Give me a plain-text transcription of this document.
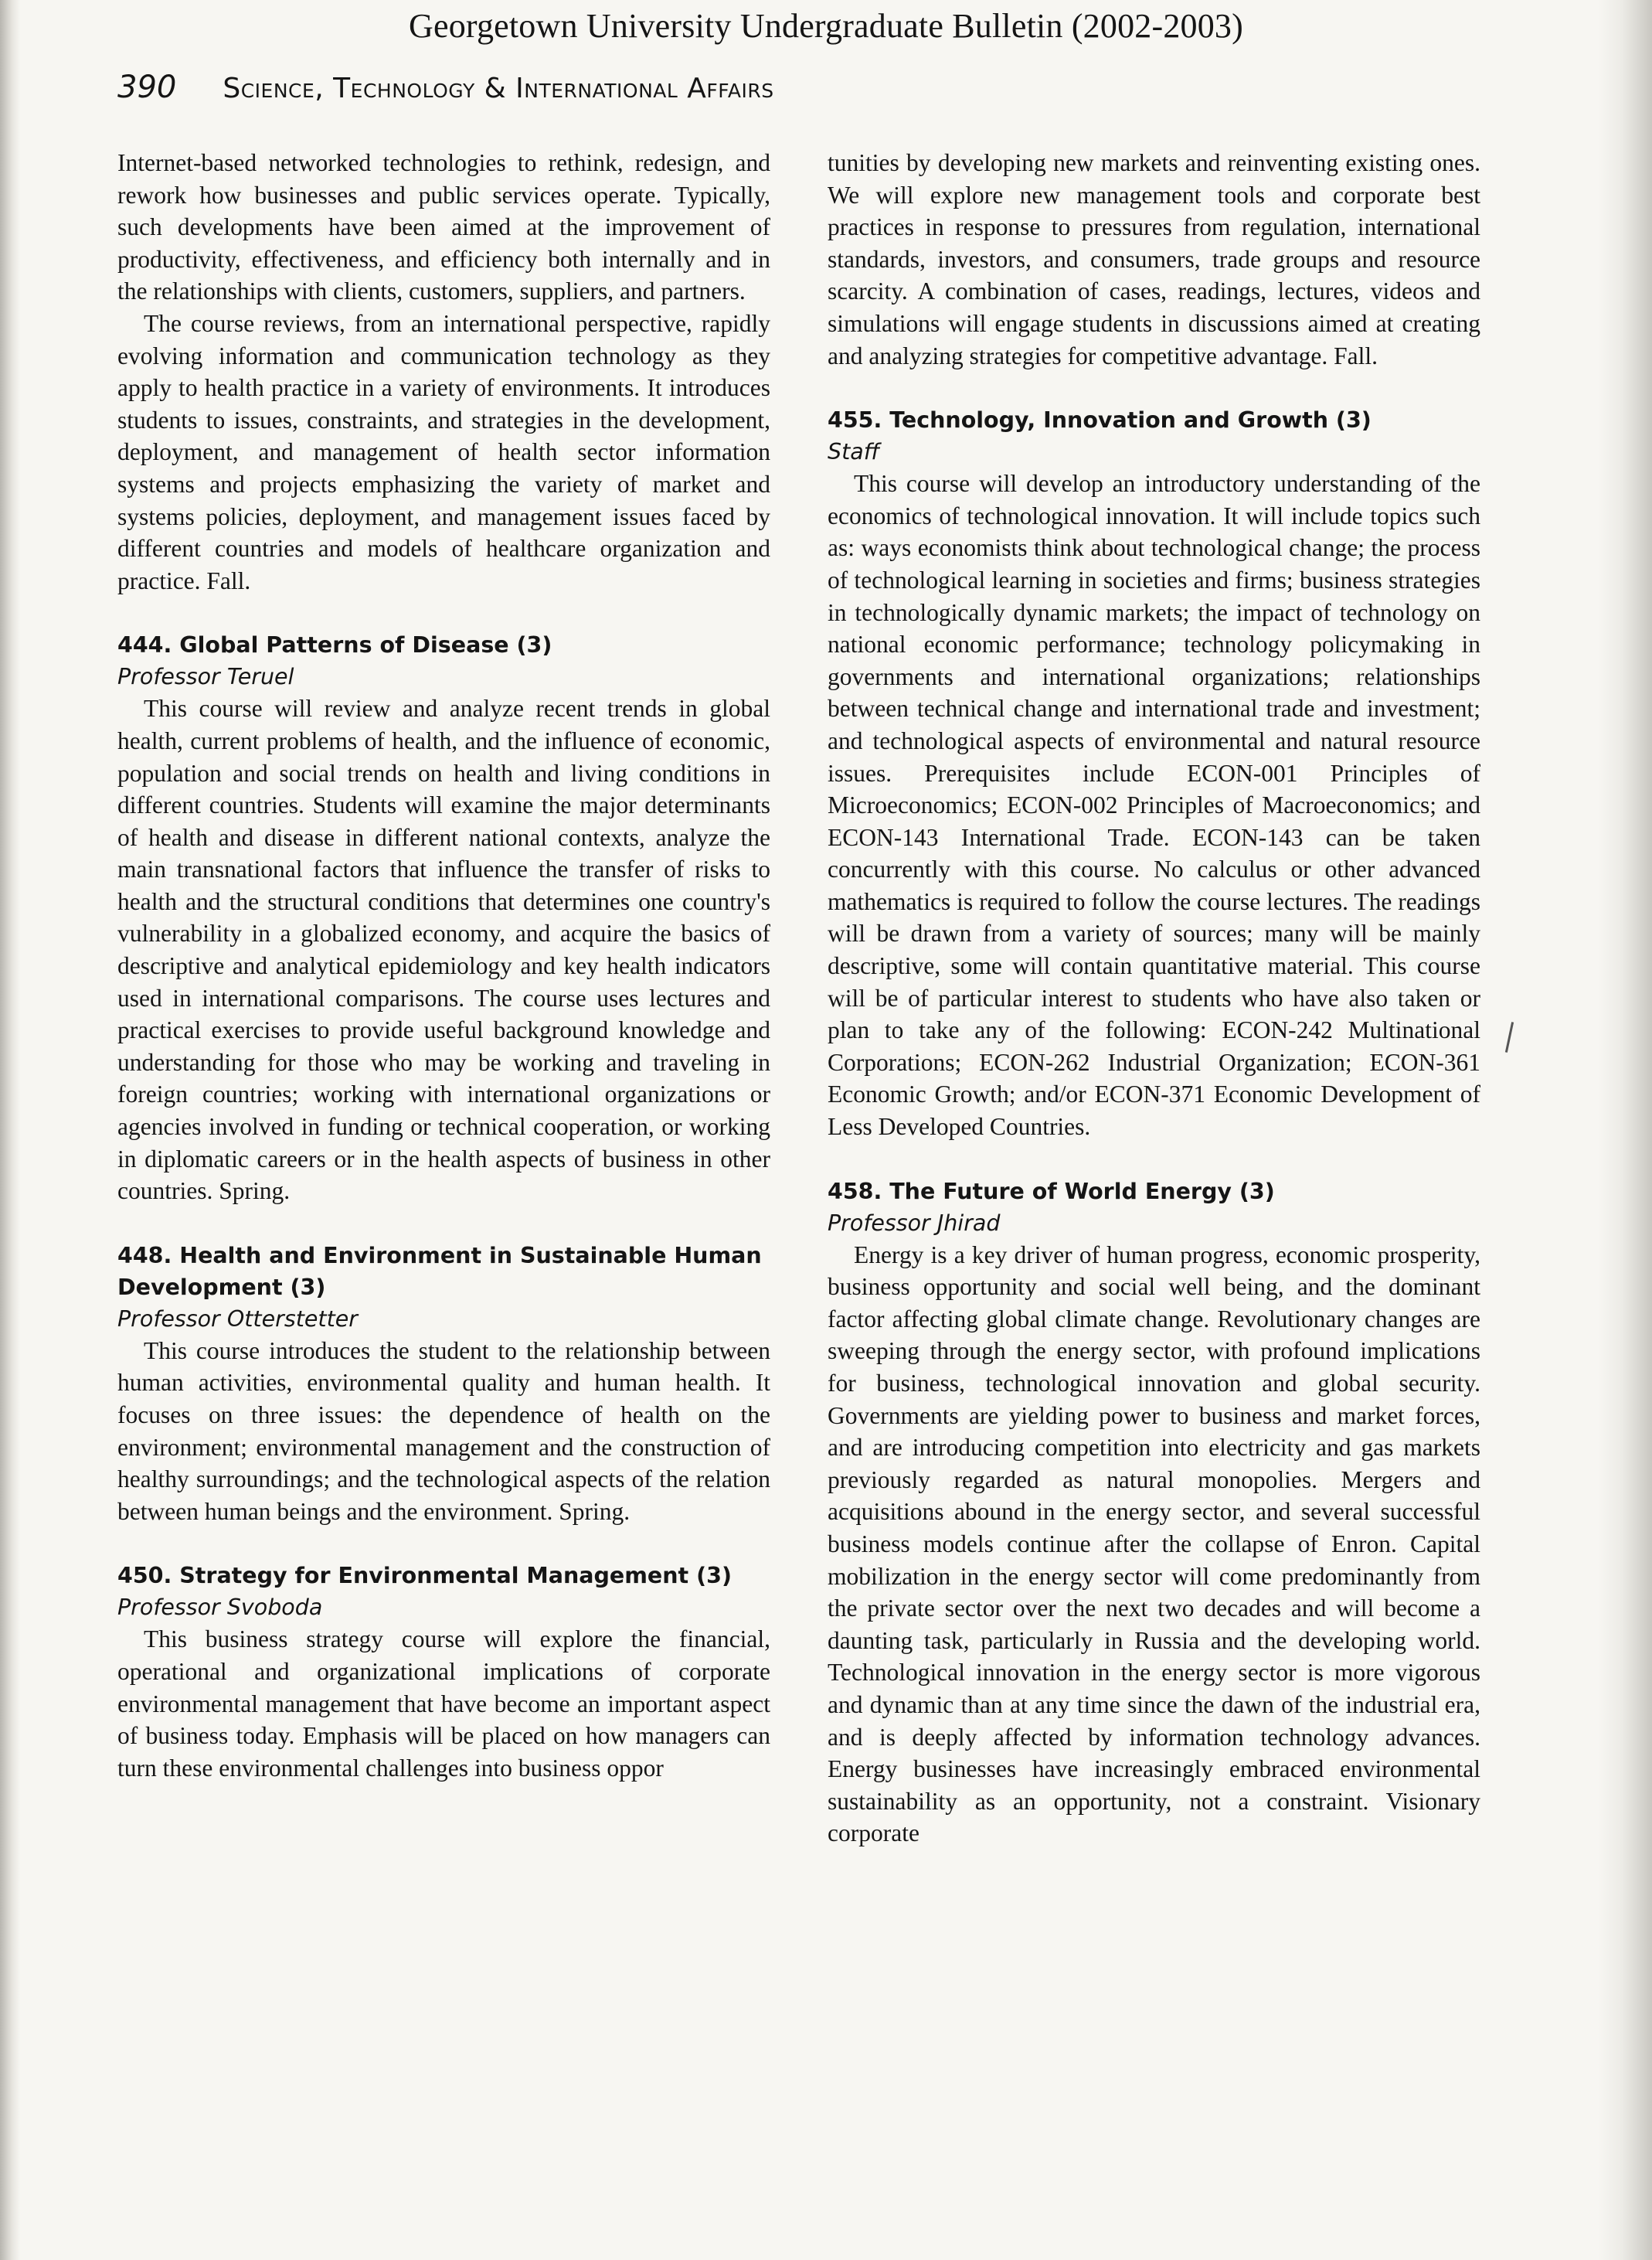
Georgetown University Undergraduate Bulletin (2002-2003)
390 Science, Technology & International Affairs

Internet-based networked technologies to rethink, redesign, and rework how businesses and public services operate. Typically, such developments have been aimed at the improvement of productivity, effectiveness, and efficiency both internally and in the relationships with clients, customers, suppliers, and partners.

The course reviews, from an international perspective, rapidly evolving information and communication technology as they apply to health practice in a variety of environments. It introduces students to issues, constraints, and strategies in the development, deployment, and management of health sector information systems and projects emphasizing the variety of market and systems policies, deployment, and management issues faced by different countries and models of healthcare organization and practice. Fall.

444. Global Patterns of Disease (3)
Professor Teruel

This course will review and analyze recent trends in global health, current problems of health, and the influence of economic, population and social trends on health and living conditions in different countries. Students will examine the major determinants of health and disease in different national contexts, analyze the main transnational factors that influence the transfer of risks to health and the structural conditions that determines one country's vulnerability in a globalized economy, and acquire the basics of descriptive and analytical epidemiology and key health indicators used in international comparisons. The course uses lectures and practical exercises to provide useful background knowledge and understanding for those who may be working and traveling in foreign countries; working with international organizations or agencies involved in funding or technical cooperation, or working in diplomatic careers or in the health aspects of business in other countries. Spring.

448. Health and Environment in Sustainable Human Development (3)
Professor Otterstetter

This course introduces the student to the relationship between human activities, environmental quality and human health. It focuses on three issues: the dependence of health on the environment; environmental management and the construction of healthy surroundings; and the technological aspects of the relation between human beings and the environment. Spring.

450. Strategy for Environmental Management (3)
Professor Svoboda

This business strategy course will explore the financial, operational and organizational implications of corporate environmental management that have become an important aspect of business today. Emphasis will be placed on how managers can turn these environmental challenges into business oppor

tunities by developing new markets and reinventing existing ones. We will explore new management tools and corporate best practices in response to pressures from regulation, international standards, investors, and consumers, trade groups and resource scarcity. A combination of cases, readings, lectures, videos and simulations will engage students in discussions aimed at creating and analyzing strategies for competitive advantage. Fall.

455. Technology, Innovation and Growth (3)
Staff

This course will develop an introductory understanding of the economics of technological innovation. It will include topics such as: ways economists think about technological change; the process of technological learning in societies and firms; business strategies in technologically dynamic markets; the impact of technology on national economic performance; technology policymaking in governments and international organizations; relationships between technical change and international trade and investment; and technological aspects of environmental and natural resource issues. Prerequisites include ECON-001 Principles of Microeconomics; ECON-002 Principles of Macroeconomics; and ECON-143 International Trade. ECON-143 can be taken concurrently with this course. No calculus or other advanced mathematics is required to follow the course lectures. The readings will be drawn from a variety of sources; many will be mainly descriptive, some will contain quantitative material. This course will be of particular interest to students who have also taken or plan to take any of the following: ECON-242 Multinational Corporations; ECON-262 Industrial Organization; ECON-361 Economic Growth; and/or ECON-371 Economic Development of Less Developed Countries.

458. The Future of World Energy (3)
Professor Jhirad

Energy is a key driver of human progress, economic prosperity, business opportunity and social well being, and the dominant factor affecting global climate change. Revolutionary changes are sweeping through the energy sector, with profound implications for business, technological innovation and global security. Governments are yielding power to business and market forces, and are introducing competition into electricity and gas markets previously regarded as natural monopolies. Mergers and acquisitions abound in the energy sector, and several successful business models continue after the collapse of Enron. Capital mobilization in the energy sector will come predominantly from the private sector over the next two decades and will become a daunting task, particularly in Russia and the developing world. Technological innovation in the energy sector is more vigorous and dynamic than at any time since the dawn of the industrial era, and is deeply affected by information technology advances. Energy businesses have increasingly embraced environmental sustainability as an opportunity, not a constraint. Visionary corporate
